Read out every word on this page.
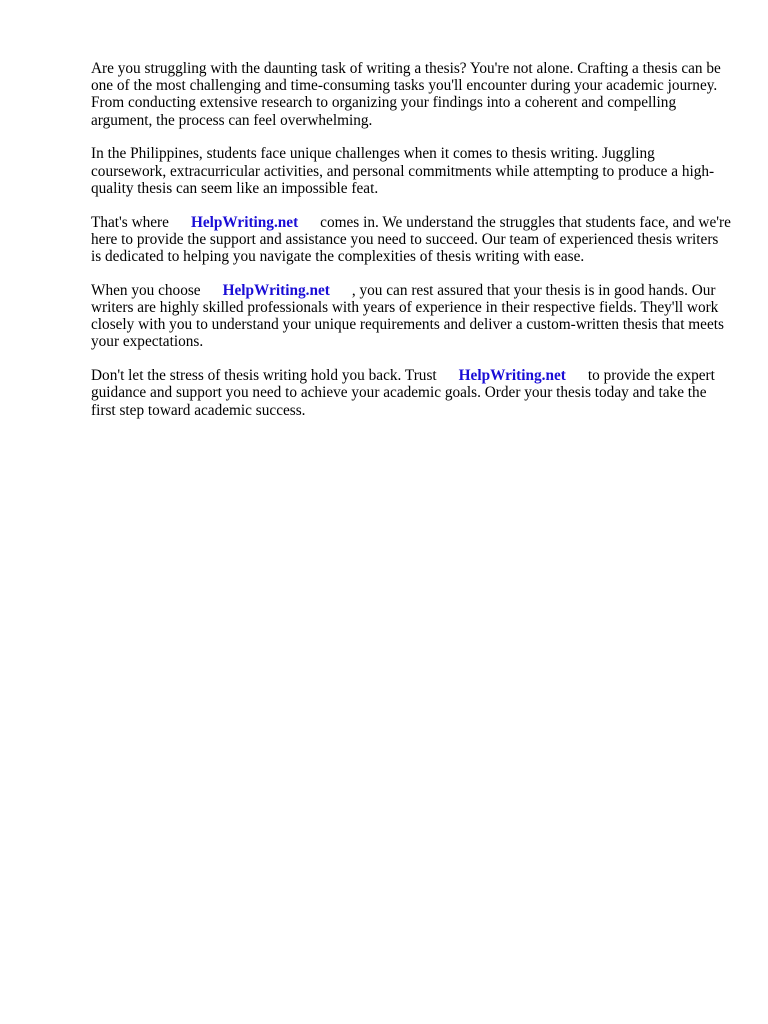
Are you struggling with the daunting task of writing a thesis? You're not alone. Crafting a thesis can be one of the most challenging and time-consuming tasks you'll encounter during your academic journey. From conducting extensive research to organizing your findings into a coherent and compelling argument, the process can feel overwhelming.

In the Philippines, students face unique challenges when it comes to thesis writing. Juggling coursework, extracurricular activities, and personal commitments while attempting to produce a high-quality thesis can seem like an impossible feat.

That's where HelpWriting.net comes in. We understand the struggles that students face, and we're here to provide the support and assistance you need to succeed. Our team of experienced thesis writers is dedicated to helping you navigate the complexities of thesis writing with ease.

When you choose HelpWriting.net , you can rest assured that your thesis is in good hands. Our writers are highly skilled professionals with years of experience in their respective fields. They'll work closely with you to understand your unique requirements and deliver a custom-written thesis that meets your expectations.

Don't let the stress of thesis writing hold you back. Trust HelpWriting.net to provide the expert guidance and support you need to achieve your academic goals. Order your thesis today and take the first step toward academic success.
